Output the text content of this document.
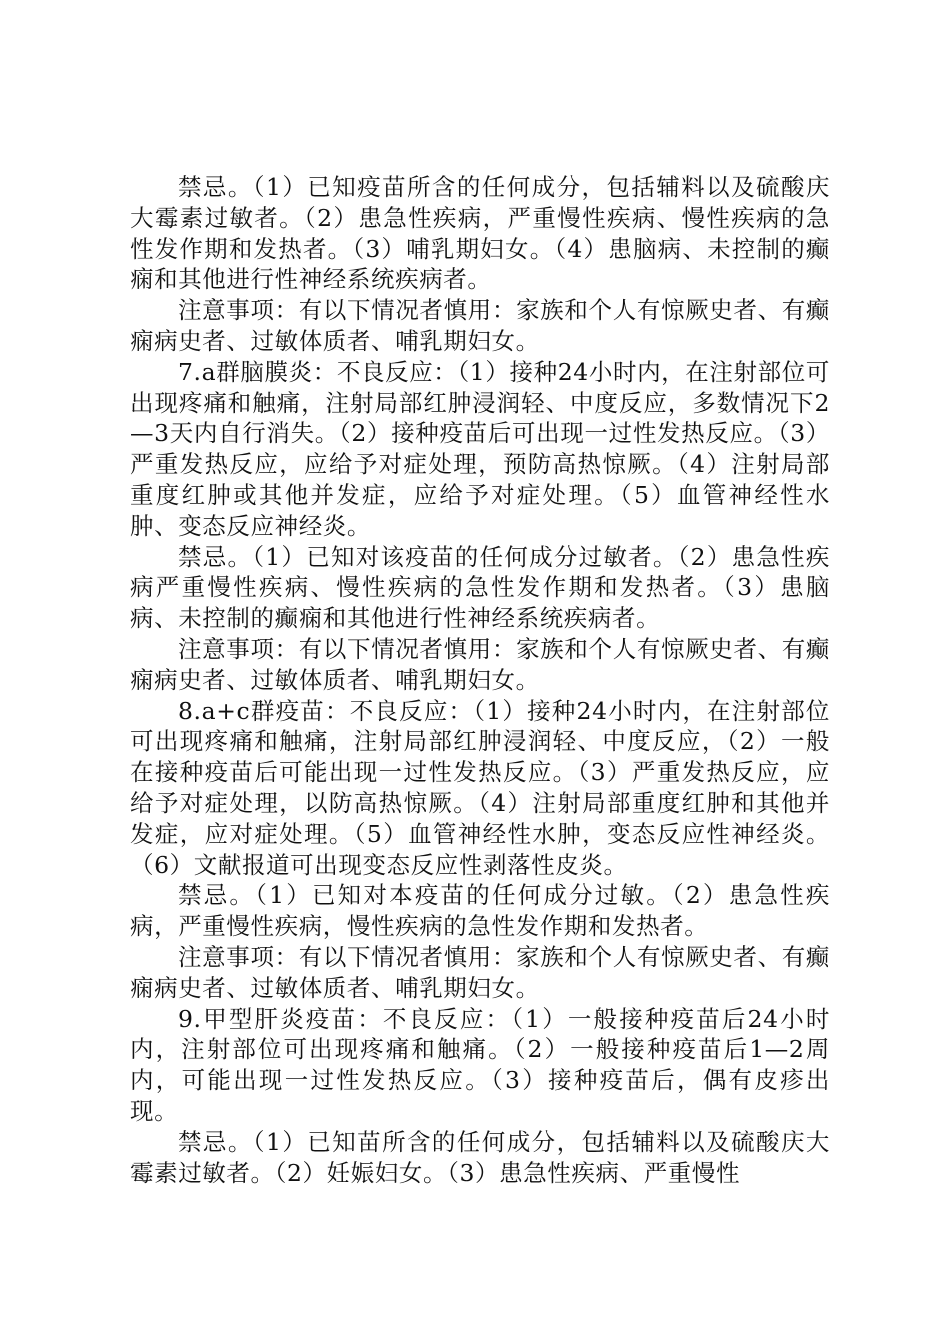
禁忌。（1）已知疫苗所含的任何成分，包括辅料以及硫酸庆大霉素过敏者。（2）患急性疾病，严重慢性疾病、慢性疾病的急性发作期和发热者。（3）哺乳期妇女。（4）患脑病、未控制的癫痫和其他进行性神经系统疾病者。

注意事项：有以下情况者慎用：家族和个人有惊厥史者、有癫痫病史者、过敏体质者、哺乳期妇女。

7.a群脑膜炎：不良反应：（1）接种24小时内，在注射部位可出现疼痛和触痛，注射局部红肿浸润轻、中度反应，多数情况下2—3天内自行消失。（2）接种疫苗后可出现一过性发热反应。（3）严重发热反应，应给予对症处理，预防高热惊厥。（4）注射局部重度红肿或其他并发症，应给予对症处理。（5）血管神经性水肿、变态反应神经炎。

禁忌。（1）已知对该疫苗的任何成分过敏者。（2）患急性疾病严重慢性疾病、慢性疾病的急性发作期和发热者。（3）患脑病、未控制的癫痫和其他进行性神经系统疾病者。

注意事项：有以下情况者慎用：家族和个人有惊厥史者、有癫痫病史者、过敏体质者、哺乳期妇女。

8.a+c群疫苗：不良反应：（1）接种24小时内，在注射部位可出现疼痛和触痛，注射局部红肿浸润轻、中度反应，（2）一般在接种疫苗后可能出现一过性发热反应。（3）严重发热反应，应给予对症处理，以防高热惊厥。（4）注射局部重度红肿和其他并发症，应对症处理。（5）血管神经性水肿，变态反应性神经炎。（6）文献报道可出现变态反应性剥落性皮炎。

禁忌。（1）已知对本疫苗的任何成分过敏。（2）患急性疾病，严重慢性疾病，慢性疾病的急性发作期和发热者。

注意事项：有以下情况者慎用：家族和个人有惊厥史者、有癫痫病史者、过敏体质者、哺乳期妇女。

9.甲型肝炎疫苗：不良反应：（1）一般接种疫苗后24小时内，注射部位可出现疼痛和触痛。（2）一般接种疫苗后1—2周内，可能出现一过性发热反应。（3）接种疫苗后，偶有皮疹出现。

禁忌。（1）已知苗所含的任何成分，包括辅料以及硫酸庆大霉素过敏者。（2）妊娠妇女。（3）患急性疾病、严重慢性
